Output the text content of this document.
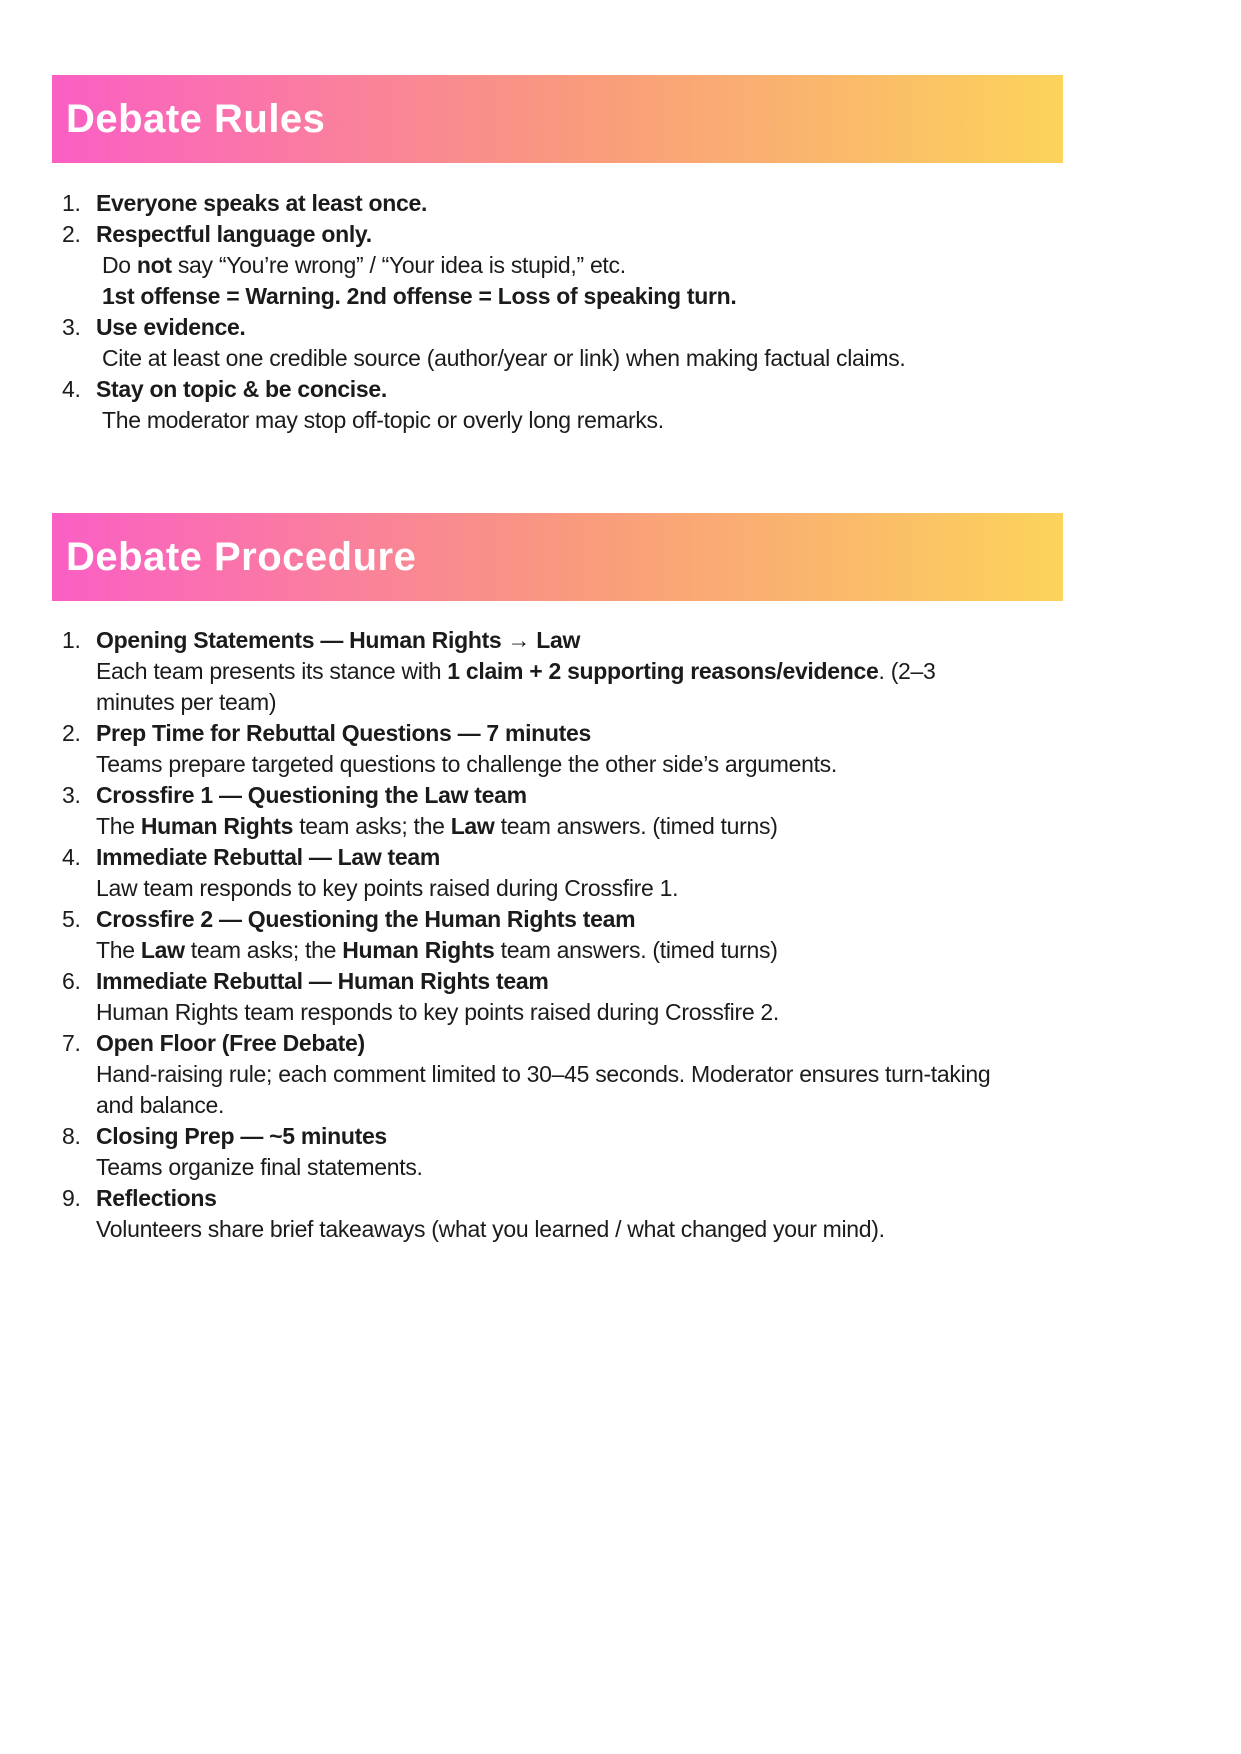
Debate Rules
1. Everyone speaks at least once.
2. Respectful language only.
Do not say “You’re wrong” / “Your idea is stupid,” etc.
1st offense = Warning. 2nd offense = Loss of speaking turn.
3. Use evidence.
Cite at least one credible source (author/year or link) when making factual claims.
4. Stay on topic & be concise.
The moderator may stop off-topic or overly long remarks.
Debate Procedure
1. Opening Statements — Human Rights → Law
Each team presents its stance with 1 claim + 2 supporting reasons/evidence. (2–3
minutes per team)
2. Prep Time for Rebuttal Questions — 7 minutes
Teams prepare targeted questions to challenge the other side’s arguments.
3. Crossfire 1 — Questioning the Law team
The Human Rights team asks; the Law team answers. (timed turns)
4. Immediate Rebuttal — Law team
Law team responds to key points raised during Crossfire 1.
5. Crossfire 2 — Questioning the Human Rights team
The Law team asks; the Human Rights team answers. (timed turns)
6. Immediate Rebuttal — Human Rights team
Human Rights team responds to key points raised during Crossfire 2.
7. Open Floor (Free Debate)
Hand-raising rule; each comment limited to 30–45 seconds. Moderator ensures turn-taking
and balance.
8. Closing Prep — ~5 minutes
Teams organize final statements.
9. Reflections
Volunteers share brief takeaways (what you learned / what changed your mind).
